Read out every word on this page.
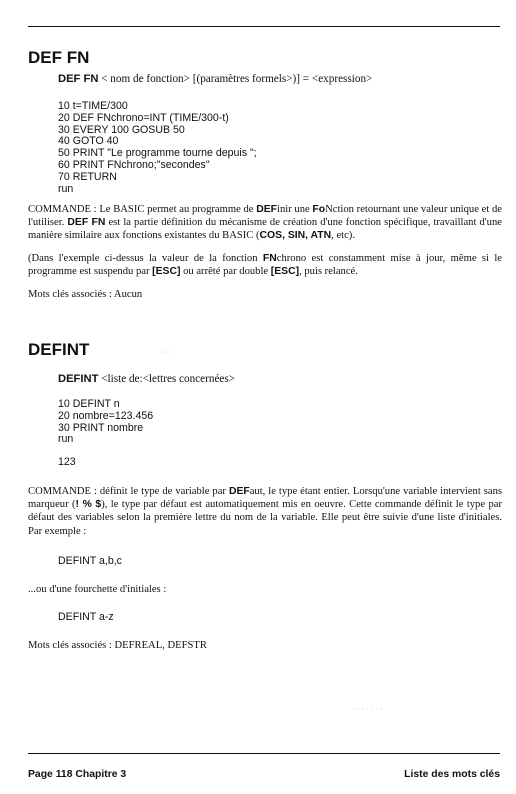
DEF FN
DEF FN < nom de fonction> [(paramètres formels>)] = <expression>
10 t=TIME/300
20 DEF FNchrono=INT (TIME/300-t)
30 EVERY 100 GOSUB 50
40 GOTO 40
50 PRINT "Le programme tourne depuis ";
60 PRINT FNchrono;"secondes"
70 RETURN
run

COMMANDE : Le BASIC permet au programme de DEFinir une FoNction retournant une valeur unique et de l'utiliser. DEF FN est la partie définition du mécanisme de création d'une fonction spécifique, travaillant d'une manière similaire aux fonctions existantes du BASIC (COS, SIN, ATN, etc).

(Dans l'exemple ci-dessus la valeur de la fonction FNchrono est constamment mise à jour, même si le programme est suspendu par [ESC] ou arrêté par double [ESC], puis relancé.

Mots clés associés : Aucun

DEFINT	···
DEFINT <liste de:<lettres concernées>
10 DEFINT n
20 nombre=123.456
30 PRINT nombre
run
123

COMMANDE : définit le type de variable par DEFaut, le type étant entier. Lorsqu'une variable intervient sans marqueur (! % $), le type par défaut est automatiquement mis en oeuvre. Cette commande définit le type par défaut des variables selon la première lettre du nom de la variable. Elle peut être suivie d'une liste d'initiales. Par exemple :

DEFINT a,b,c

...ou d'une fourchette d'initiales :

DEFINT a-z

Mots clés associés : DEFREAL, DEFSTR

· · · · · · ·
Page 118 Chapitre 3	Liste des mots clés
